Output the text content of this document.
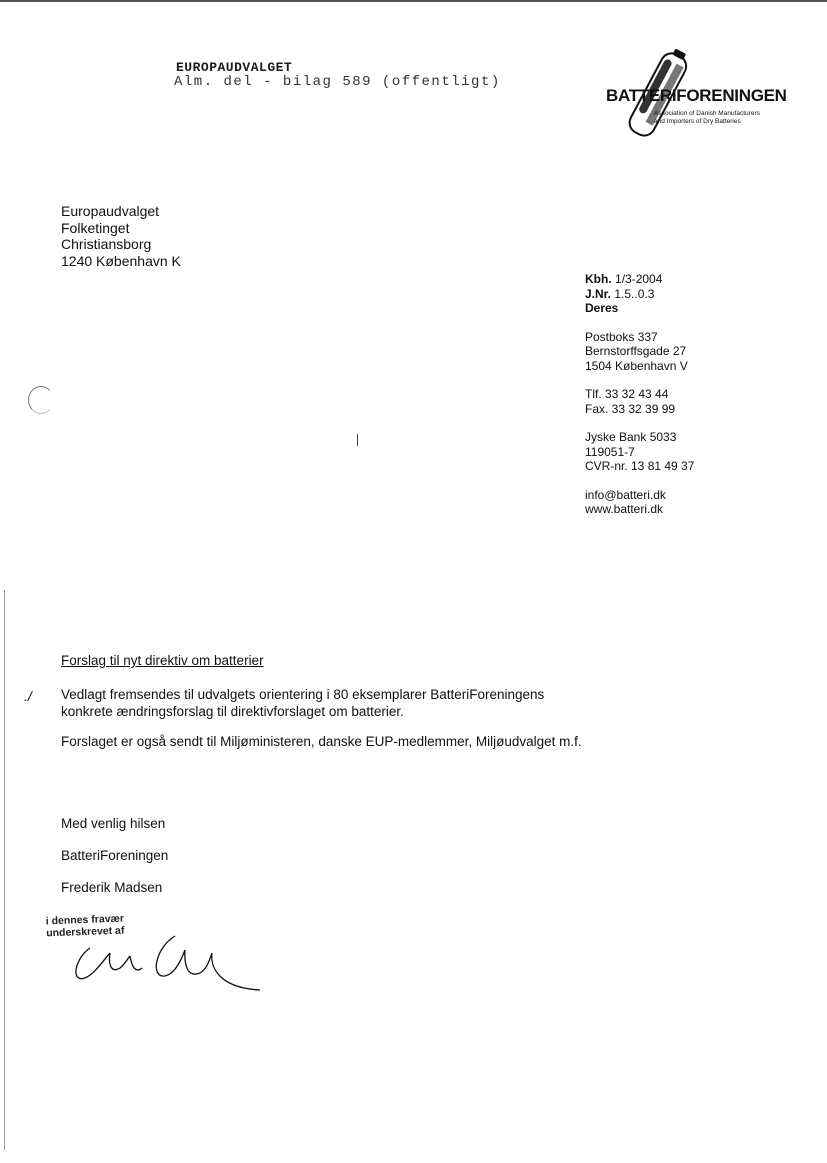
EUROPAUDVALGET
Alm. del - bilag 589 (offentligt)
BATTERIFORENINGEN
Association of Danish Manufacturers
and Importers of Dry Batteries
Europaudvalget
Folketinget
Christiansborg
1240 København K
Kbh. 1/3-2004
J.Nr. 1.5..0.3
Deres
Postboks 337
Bernstorffsgade 27
1504 København V
Tlf. 33 32 43 44
Fax. 33 32 39 99
Jyske Bank 5033
119051-7
CVR-nr. 13 81 49 37
info@batteri.dk
www.batteri.dk
Forslag til nyt direktiv om batterier
./ Vedlagt fremsendes til udvalgets orientering i 80 eksemplarer BatteriForeningens konkrete ændringsforslag til direktivforslaget om batterier.
Forslaget er også sendt til Miljøministeren, danske EUP-medlemmer, Miljøudvalget m.f.
Med venlig hilsen
BatteriForeningen
Frederik Madsen
i dennes fravær
underskrevet af
